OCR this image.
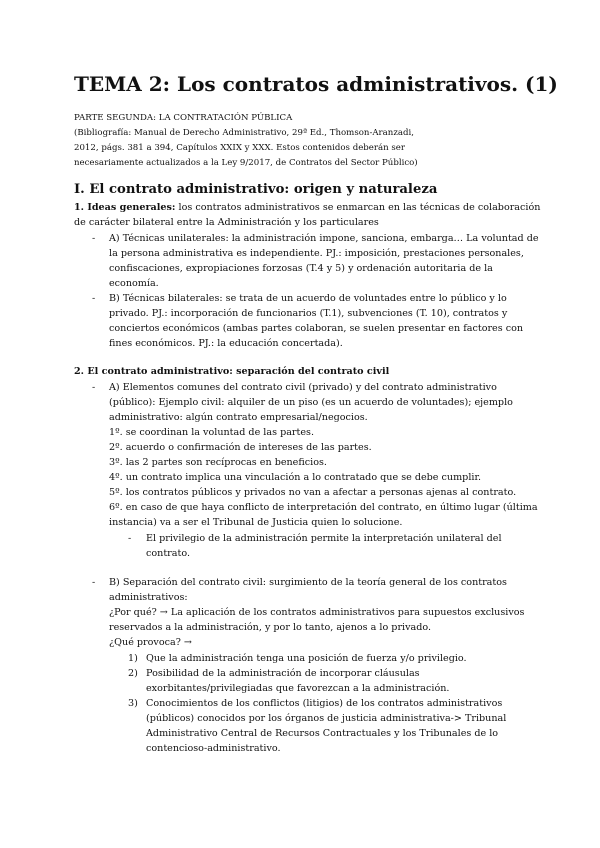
TEMA 2: Los contratos administrativos. (1)
PARTE SEGUNDA: LA CONTRATACIÓN PÚBLICA
(Bibliografía: Manual de Derecho Administrativo, 29ª Ed., Thomson-Aranzadi,
2012, págs. 381 a 394, Capítulos XXIX y XXX. Estos contenidos deberán ser
necesariamente actualizados a la Ley 9/2017, de Contratos del Sector Público)
I. El contrato administrativo: origen y naturaleza
1. Ideas generales: los contratos administrativos se enmarcan en las técnicas de colaboración
de carácter bilateral entre la Administración y los particulares
- A) Técnicas unilaterales: la administración impone, sanciona, embarga… La voluntad de
la persona administrativa es independiente. PJ.: imposición, prestaciones personales,
confiscaciones, expropiaciones forzosas (T.4 y 5) y ordenación autoritaria de la
economía.
- B) Técnicas bilaterales: se trata de un acuerdo de voluntades entre lo público y lo
privado. PJ.: incorporación de funcionarios (T.1), subvenciones (T. 10), contratos y
conciertos económicos (ambas partes colaboran, se suelen presentar en factores con
fines económicos. PJ.: la educación concertada).
2. El contrato administrativo: separación del contrato civil
- A) Elementos comunes del contrato civil (privado) y del contrato administrativo
(público): Ejemplo civil: alquiler de un piso (es un acuerdo de voluntades); ejemplo
administrativo: algún contrato empresarial/negocios.
1º. se coordinan la voluntad de las partes.
2º. acuerdo o confirmación de intereses de las partes.
3º. las 2 partes son recíprocas en beneficios.
4º. un contrato implica una vinculación a lo contratado que se debe cumplir.
5º. los contratos públicos y privados no van a afectar a personas ajenas al contrato.
6º. en caso de que haya conflicto de interpretación del contrato, en último lugar (última
instancia) va a ser el Tribunal de Justicia quien lo solucione.
- El privilegio de la administración permite la interpretación unilateral del
contrato.
- B) Separación del contrato civil: surgimiento de la teoría general de los contratos
administrativos:
¿Por qué? → La aplicación de los contratos administrativos para supuestos exclusivos
reservados a la administración, y por lo tanto, ajenos a lo privado.
¿Qué provoca? →
1) Que la administración tenga una posición de fuerza y/o privilegio.
2) Posibilidad de la administración de incorporar cláusulas
exorbitantes/privilegiadas que favorezcan a la administración.
3) Conocimientos de los conflictos (litigios) de los contratos administrativos
(públicos) conocidos por los órganos de justicia administrativa-> Tribunal
Administrativo Central de Recursos Contractuales y los Tribunales de lo
contencioso-administrativo.
